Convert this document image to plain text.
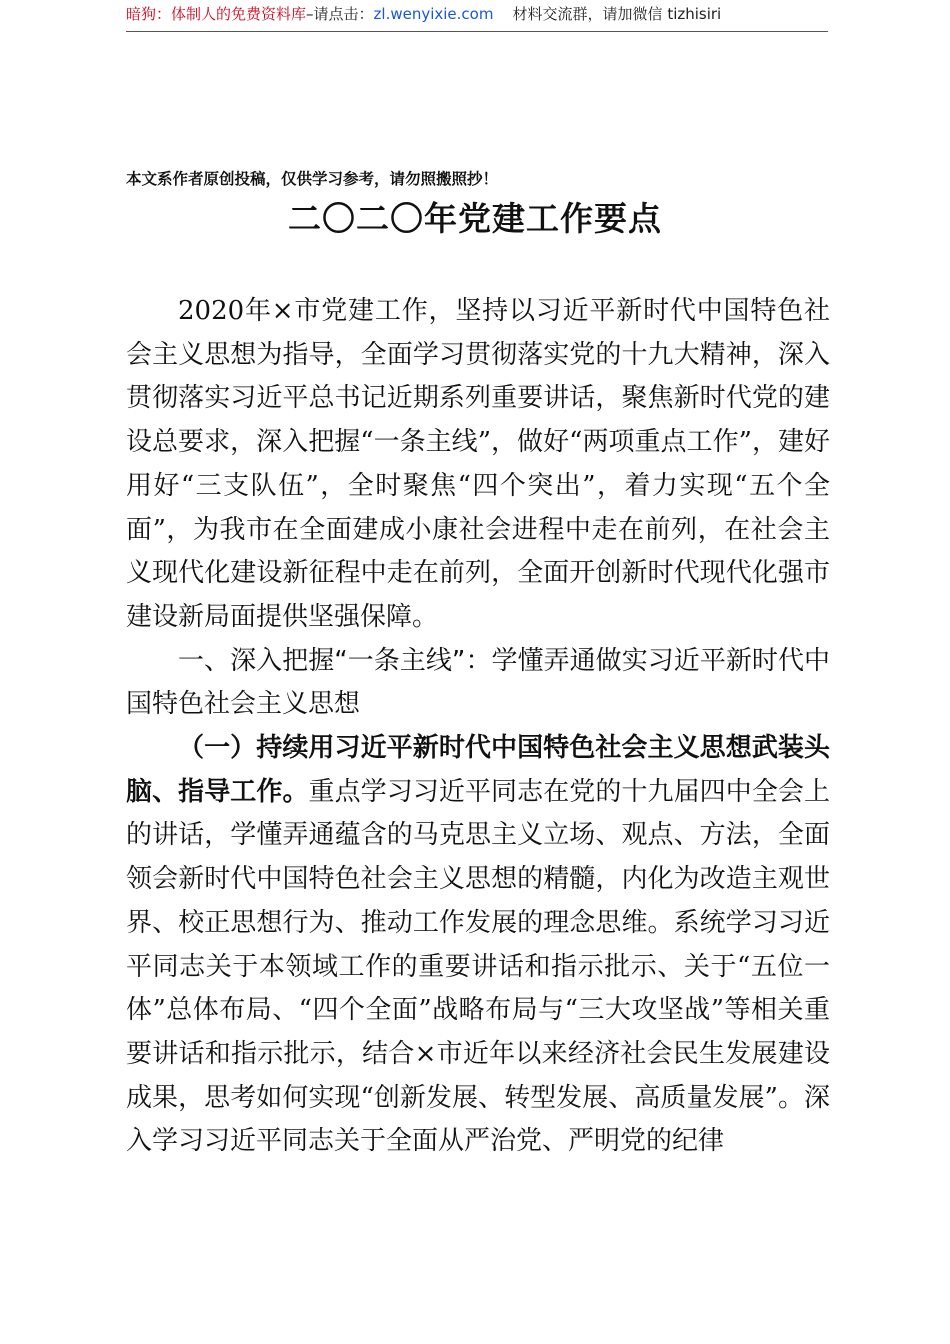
暗狗：体制人的免费资料库–请点击：zl.wenyixie.com 材料交流群，请加微信 tizhisiri
本文系作者原创投稿，仅供学习参考，请勿照搬照抄！
二〇二〇年党建工作要点

2020年×市党建工作，坚持以习近平新时代中国特色社会主义思想为指导，全面学习贯彻落实党的十九大精神，深入贯彻落实习近平总书记近期系列重要讲话，聚焦新时代党的建设总要求，深入把握“一条主线”，做好“两项重点工作”，建好用好“三支队伍”，全时聚焦“四个突出”，着力实现“五个全面”，为我市在全面建成小康社会进程中走在前列，在社会主义现代化建设新征程中走在前列，全面开创新时代现代化强市建设新局面提供坚强保障。

一、深入把握“一条主线”：学懂弄通做实习近平新时代中国特色社会主义思想

（一）持续用习近平新时代中国特色社会主义思想武装头脑、指导工作。重点学习习近平同志在党的十九届四中全会上的讲话，学懂弄通蕴含的马克思主义立场、观点、方法，全面领会新时代中国特色社会主义思想的精髓，内化为改造主观世界、校正思想行为、推动工作发展的理念思维。系统学习习近平同志关于本领域工作的重要讲话和指示批示、关于“五位一体”总体布局、“四个全面”战略布局与“三大攻坚战”等相关重要讲话和指示批示，结合×市近年以来经济社会民生发展建设成果，思考如何实现“创新发展、转型发展、高质量发展”。深入学习习近平同志关于全面从严治党、严明党的纪律
